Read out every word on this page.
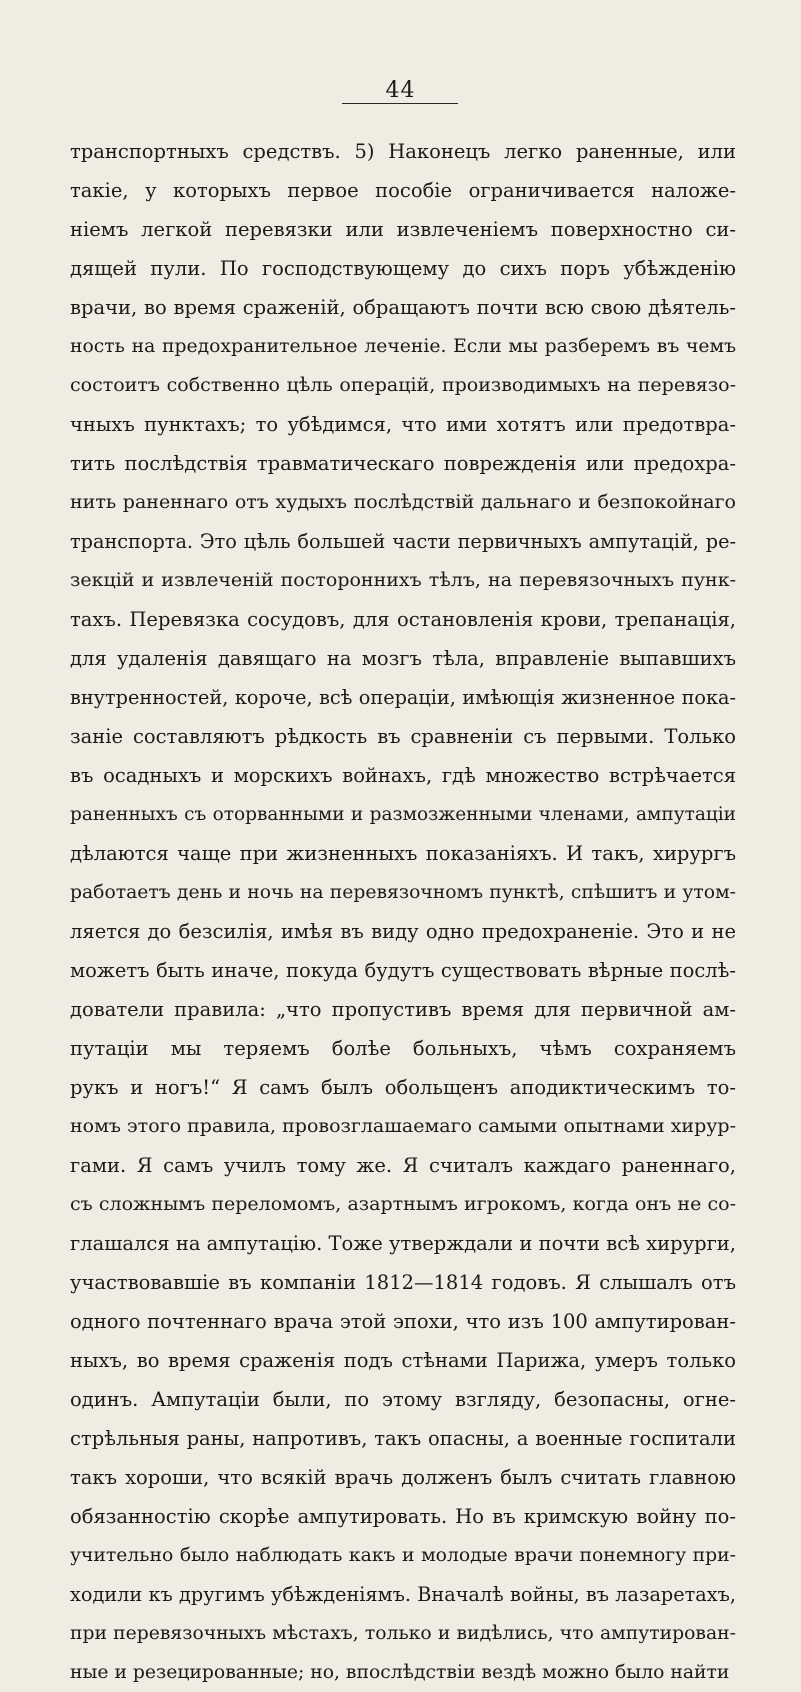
44
транспортныхъ средствъ. 5) Наконецъ легко раненные, или
такіе, у которыхъ первое пособіе ограничивается наложе-
ніемъ легкой перевязки или извлеченіемъ поверхностно си-
дящей пули. По господствующему до сихъ поръ убѣжденію
врачи, во время сраженій, обращаютъ почти всю свою дѣятель-
ность на предохранительное леченіе. Если мы разберемъ въ чемъ
состоитъ собственно цѣль операцій, производимыхъ на перевязо-
чныхъ пунктахъ; то убѣдимся, что ими хотятъ или предотвра-
тить послѣдствія травматическаго поврежденія или предохра-
нить раненнаго отъ худыхъ послѣдствій дальнаго и безпокойнаго
транспорта. Это цѣль большей части первичныхъ ампутацій, ре-
зекцій и извлеченій постороннихъ тѣлъ, на перевязочныхъ пунк-
тахъ. Перевязка сосудовъ, для остановленія крови, трепанація,
для удаленія давящаго на мозгъ тѣла, вправленіе выпавшихъ
внутренностей, короче, всѣ операціи, имѣющія жизненное пока-
заніе составляютъ рѣдкость въ сравненіи съ первыми. Только
въ осадныхъ и морскихъ войнахъ, гдѣ множество встрѣчается
раненныхъ съ оторванными и размозженными членами, ампутаціи
дѣлаются чаще при жизненныхъ показаніяхъ. И такъ, хирургъ
работаетъ день и ночь на перевязочномъ пунктѣ, спѣшитъ и утом-
ляется до безсилія, имѣя въ виду одно предохраненіе. Это и не
можетъ быть иначе, покуда будутъ существовать вѣрные послѣ-
дователи правила: „что пропустивъ время для первичной ам-
путаціи мы теряемъ болѣе больныхъ, чѣмъ сохраняемъ
рукъ и ногъ!“ Я самъ былъ обольщенъ аподиктическимъ то-
номъ этого правила, провозглашаемаго самыми опытнами хирур-
гами. Я самъ училъ тому же. Я считалъ каждаго раненнаго,
съ сложнымъ переломомъ, азартнымъ игрокомъ, когда онъ не со-
глашался на ампутацію. Тоже утверждали и почти всѣ хирурги,
участвовавшіе въ компаніи 1812—1814 годовъ. Я слышалъ отъ
одного почтеннаго врача этой эпохи, что изъ 100 ампутирован-
ныхъ, во время сраженія подъ стѣнами Парижа, умеръ только
одинъ. Ампутаціи были, по этому взгляду, безопасны, огне-
стрѣльныя раны, напротивъ, такъ опасны, а военные госпитали
такъ хороши, что всякій врачь долженъ былъ считать главною
обязанностію скорѣе ампутировать. Но въ кримскую войну по-
учительно было наблюдать какъ и молодые врачи понемногу при-
ходили къ другимъ убѣжденіямъ. Вначалѣ войны, въ лазаретахъ,
при перевязочныхъ мѣстахъ, только и видѣлись, что ампутирован-
ные и резецированные; но, впослѣдствіи вездѣ можно было найти
